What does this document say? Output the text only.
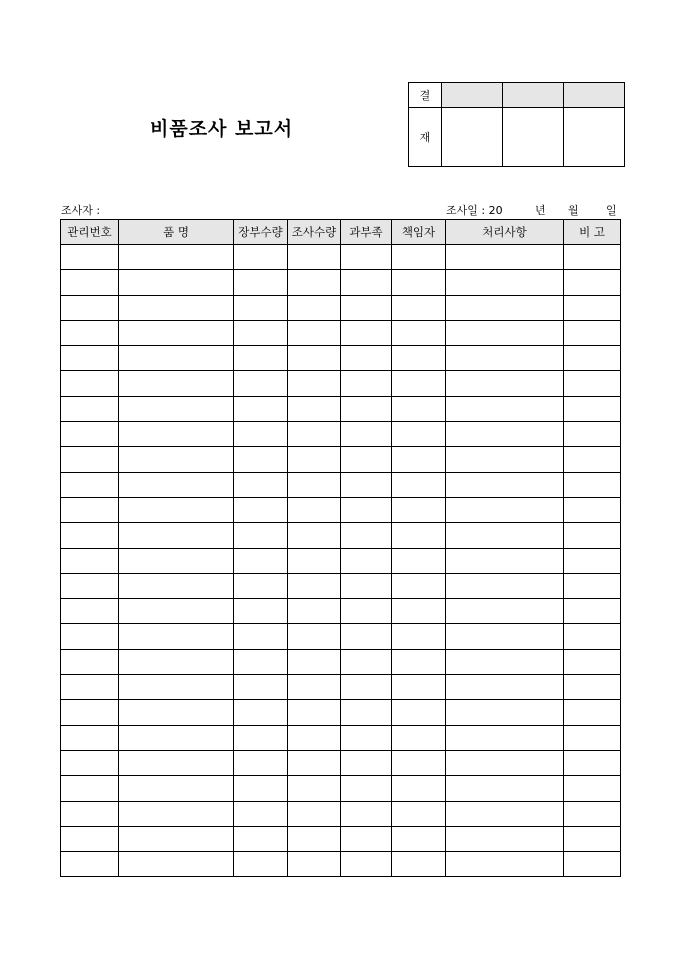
비품조사 보고서
결			
재			
조사자 :	조사일 : 20	년 월 일
관리번호	품 명	장부수량	조사수량	과부족	책임자	처리사항	비 고
